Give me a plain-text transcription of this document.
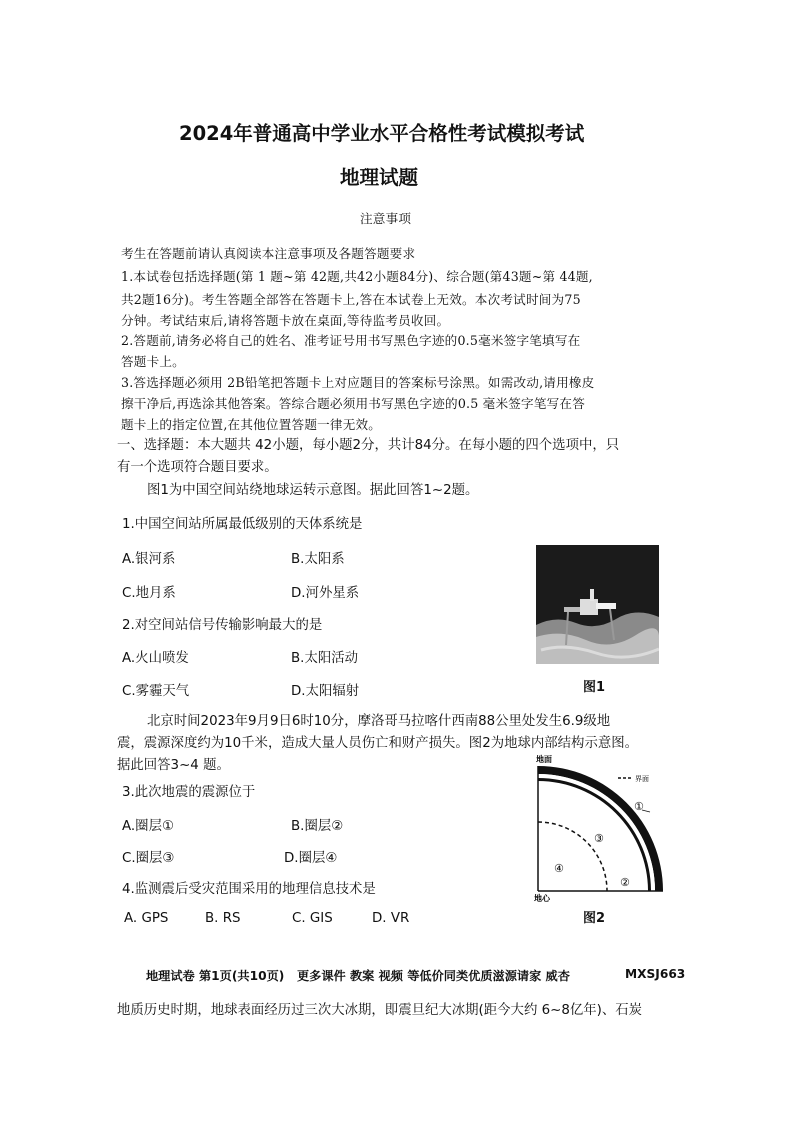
2024年普通高中学业水平合格性考试模拟考试
地理试题
注意事项
考生在答题前请认真阅读本注意事项及各题答题要求
1.本试卷包括选择题(第 1 题~第 42题,共42小题84分)、综合题(第43题~第 44题,
共2题16分)。考生答题全部答在答题卡上,答在本试卷上无效。本次考试时间为75
分钟。考试结束后,请将答题卡放在桌面,等待监考员收回。
2.答题前,请务必将自己的姓名、准考证号用书写黑色字迹的0.5毫米签字笔填写在
答题卡上。
3.答选择题必须用 2B铅笔把答题卡上对应题目的答案标号涂黑。如需改动,请用橡皮
擦干净后,再选涂其他答案。答综合题必须用书写黑色字迹的0.5 毫米签字笔写在答
题卡上的指定位置,在其他位置答题一律无效。
一、选择题：本大题共 42小题，每小题2分，共计84分。在每小题的四个选项中，只
有一个选项符合题目要求。
图1为中国空间站绕地球运转示意图。据此回答1~2题。
1.中国空间站所属最低级别的天体系统是
A.银河系	B.太阳系
C.地月系	D.河外星系
2.对空间站信号传输影响最大的是
A.火山喷发	B.太阳活动
C.雾霾天气	D.太阳辐射	图1
北京时间2023年9月9日6时10分，摩洛哥马拉喀什西南88公里处发生6.9级地
震，震源深度约为10千米，造成大量人员伤亡和财产损失。图2为地球内部结构示意图。
据此回答3~4 题。
3.此次地震的震源位于
A.圈层①	B.圈层②
C.圈层③	D.圈层④
4.监测震后受灾范围采用的地理信息技术是
A. GPS	B. RS	C. GIS	D. VR
地面
界面
①
②
③
④
地心
图2
地理试卷 第1页(共10页) 更多课件 教案 视频 等低价同类优质滋源请家 威杏	MXSJ663
地质历史时期，地球表面经历过三次大冰期，即震旦纪大冰期(距今大约 6~8亿年)、石炭
